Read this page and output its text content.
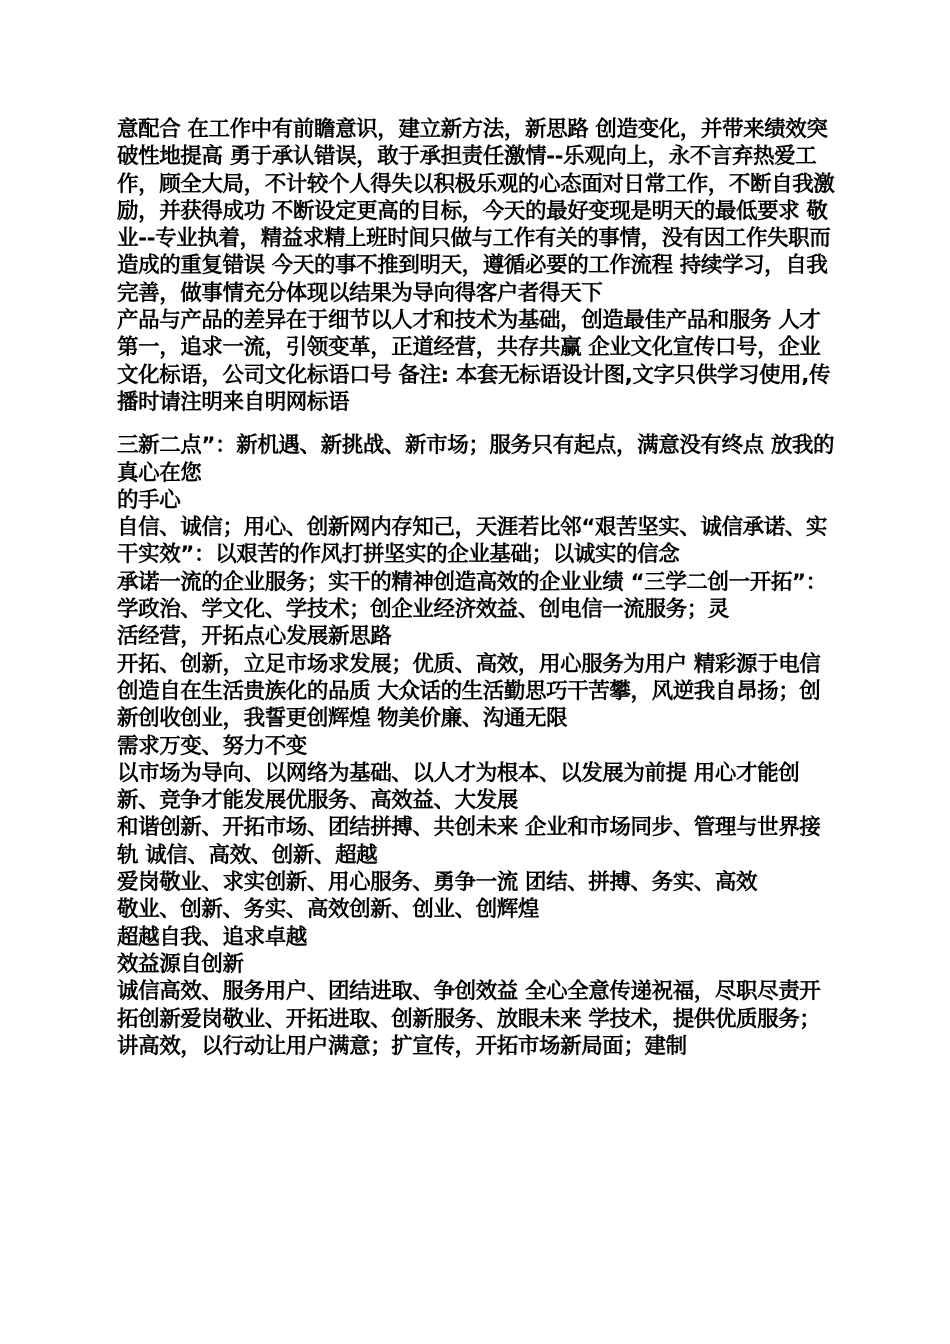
意配合 在工作中有前瞻意识，建立新方法，新思路 创造变化，并带来绩效突破性地提高 勇于承认错误，敢于承担责任激情--乐观向上，永不言弃热爱工作，顾全大局，不计较个人得失以积极乐观的心态面对日常工作，不断自我激励，并获得成功 不断设定更高的目标，今天的最好变现是明天的最低要求 敬业--专业执着，精益求精上班时间只做与工作有关的事情，没有因工作失职而造成的重复错误 今天的事不推到明天，遵循必要的工作流程 持续学习，自我完善，做事情充分体现以结果为导向得客户者得天下

产品与产品的差异在于细节以人才和技术为基础，创造最佳产品和服务 人才第一，追求一流，引领变革，正道经营，共存共赢 企业文化宣传口号，企业文化标语，公司文化标语口号 备注: 本套无标语设计图,文字只供学习使用,传播时请注明来自明网标语

三新二点”：新机遇、新挑战、新市场；服务只有起点，满意没有终点 放我的真心在您

的手心

自信、诚信；用心、创新网内存知己，天涯若比邻“艰苦坚实、诚信承诺、实干实效”：以艰苦的作风打拼坚实的企业基础；以诚实的信念

承诺一流的企业服务；实干的精神创造高效的企业业绩 “三学二创一开拓”：学政治、学文化、学技术；创企业经济效益、创电信一流服务；灵

活经营，开拓点心发展新思路

开拓、创新，立足市场求发展；优质、高效，用心服务为用户 精彩源于电信 创造自在生活贵族化的品质 大众话的生活勤思巧干苦攀，风逆我自昂扬；创新创收创业，我誓更创辉煌 物美价廉、沟通无限

需求万变、努力不变

以市场为导向、以网络为基础、以人才为根本、以发展为前提 用心才能创新、竞争才能发展优服务、高效益、大发展

和谐创新、开拓市场、团结拼搏、共创未来 企业和市场同步、管理与世界接轨 诚信、高效、创新、超越

爱岗敬业、求实创新、用心服务、勇争一流 团结、拼搏、务实、高效

敬业、创新、务实、高效创新、创业、创辉煌

超越自我、追求卓越

效益源自创新

诚信高效、服务用户、团结进取、争创效益 全心全意传递祝福，尽职尽责开拓创新爱岗敬业、开拓进取、创新服务、放眼未来 学技术，提供优质服务；讲高效，以行动让用户满意；扩宣传，开拓市场新局面；建制
